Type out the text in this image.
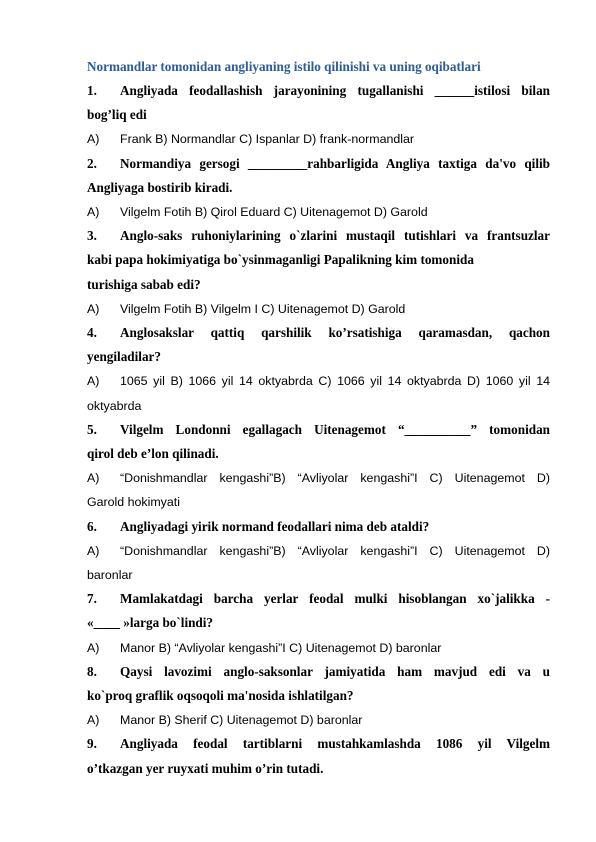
Normandlar tomonidan angliyaning istilo qilinishi va uning oqibatlari
1.	Angliyada feodallashish jarayonining tugallanishi ______istilosi bilan
bog’liq edi
A)	Frank B) Normandlar C) Ispanlar D) frank-normandlar
2.	Normandiya gersogi _________rahbarligida Angliya taxtiga da'vo qilib
Angliyaga bostirib kiradi.
A)	Vilgelm Fotih B) Qirol Eduard C) Uitenagemot D) Garold
3.	Anglo-saks ruhoniylarining o`zlarini mustaqil tutishlari va frantsuzlar
kabi papa hokimiyatiga bo`ysinmaganligi Papalikning kim tomonida
turishiga sabab edi?
A)	Vilgelm Fotih B) Vilgelm I C) Uitenagemot D) Garold
4.	Anglosakslar qattiq qarshilik ko’rsatishiga qaramasdan, qachon
yengiladilar?
A)	1065 yil B) 1066 yil 14 oktyabrda C) 1066 yil 14 oktyabrda D) 1060 yil 14
oktyabrda
5.	Vilgelm Londonni egallagach Uitenagemot “__________” tomonidan
qirol deb e’lon qilinadi.
A)	“Donishmandlar kengashi”B) “Avliyolar kengashi”I C) Uitenagemot D)
Garold hokimyati
6.	Angliyadagi yirik normand feodallari nima deb ataldi?
A)	“Donishmandlar kengashi”B) “Avliyolar kengashi”I C) Uitenagemot D)
baronlar
7.	Mamlakatdagi barcha yerlar feodal mulki hisoblangan xo`jalikka -
«____ »larga bo`lindi?
A)	Manor B) “Avliyolar kengashi”I C) Uitenagemot D) baronlar
8.	Qaysi lavozimi anglo-saksonlar jamiyatida ham mavjud edi va u
ko`proq graflik oqsoqoli ma'nosida ishlatilgan?
A)	Manor B) Sherif C) Uitenagemot D) baronlar
9.	Angliyada feodal tartiblarni mustahkamlashda 1086 yil Vilgelm
o’tkazgan yer ruyxati muhim o’rin tutadi.
